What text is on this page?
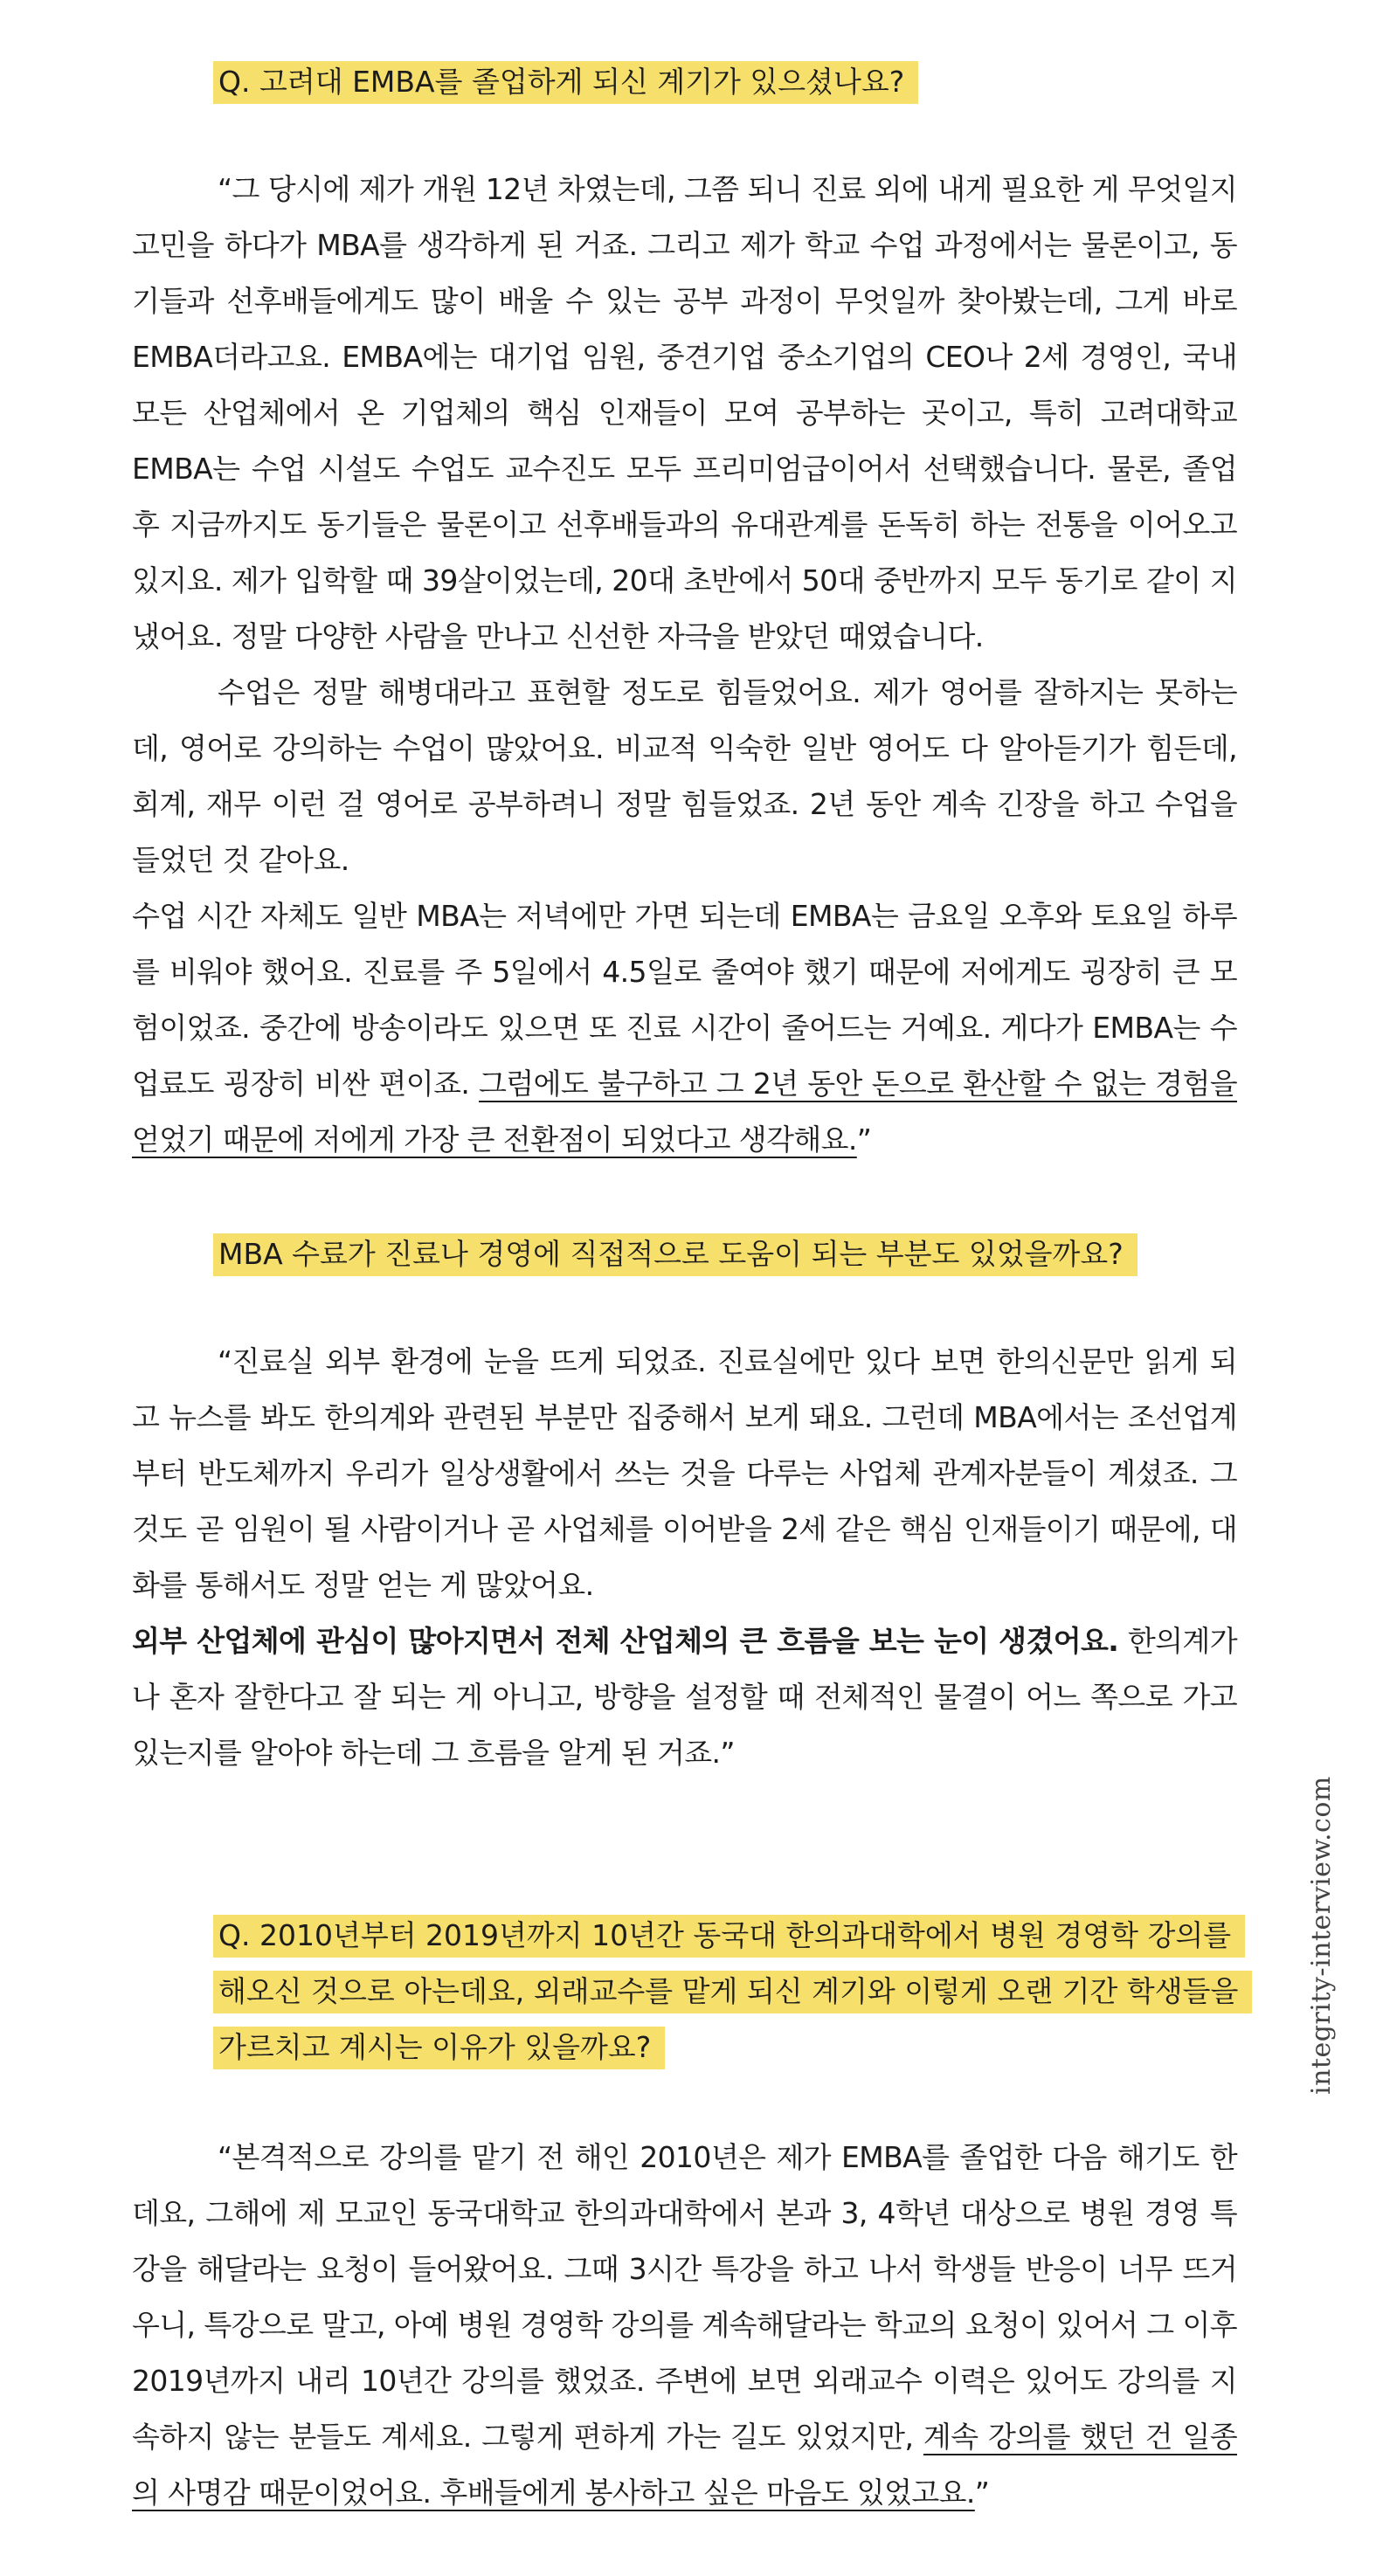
Q. 고려대 EMBA를 졸업하게 되신 계기가 있으셨나요?

“그 당시에 제가 개원 12년 차였는데, 그쯤 되니 진료 외에 내게 필요한 게 무엇일지 고민을 하다가 MBA를 생각하게 된 거죠. 그리고 제가 학교 수업 과정에서는 물론이고, 동기들과 선후배들에게도 많이 배울 수 있는 공부 과정이 무엇일까 찾아봤는데, 그게 바로 EMBA더라고요. EMBA에는 대기업 임원, 중견기업 중소기업의 CEO나 2세 경영인, 국내 모든 산업체에서 온 기업체의 핵심 인재들이 모여 공부하는 곳이고, 특히 고려대학교 EMBA는 수업 시설도 수업도 교수진도 모두 프리미엄급이어서 선택했습니다. 물론, 졸업 후 지금까지도 동기들은 물론이고 선후배들과의 유대관계를 돈독히 하는 전통을 이어오고 있지요. 제가 입학할 때 39살이었는데, 20대 초반에서 50대 중반까지 모두 동기로 같이 지냈어요. 정말 다양한 사람을 만나고 신선한 자극을 받았던 때였습니다.

수업은 정말 해병대라고 표현할 정도로 힘들었어요. 제가 영어를 잘하지는 못하는데, 영어로 강의하는 수업이 많았어요. 비교적 익숙한 일반 영어도 다 알아듣기가 힘든데, 회계, 재무 이런 걸 영어로 공부하려니 정말 힘들었죠. 2년 동안 계속 긴장을 하고 수업을 들었던 것 같아요.

수업 시간 자체도 일반 MBA는 저녁에만 가면 되는데 EMBA는 금요일 오후와 토요일 하루를 비워야 했어요. 진료를 주 5일에서 4.5일로 줄여야 했기 때문에 저에게도 굉장히 큰 모험이었죠. 중간에 방송이라도 있으면 또 진료 시간이 줄어드는 거예요. 게다가 EMBA는 수업료도 굉장히 비싼 편이죠. 그럼에도 불구하고 그 2년 동안 돈으로 환산할 수 없는 경험을 얻었기 때문에 저에게 가장 큰 전환점이 되었다고 생각해요.”

MBA 수료가 진료나 경영에 직접적으로 도움이 되는 부분도 있었을까요?

“진료실 외부 환경에 눈을 뜨게 되었죠. 진료실에만 있다 보면 한의신문만 읽게 되고 뉴스를 봐도 한의계와 관련된 부분만 집중해서 보게 돼요. 그런데 MBA에서는 조선업계부터 반도체까지 우리가 일상생활에서 쓰는 것을 다루는 사업체 관계자분들이 계셨죠. 그것도 곧 임원이 될 사람이거나 곧 사업체를 이어받을 2세 같은 핵심 인재들이기 때문에, 대화를 통해서도 정말 얻는 게 많았어요.

외부 산업체에 관심이 많아지면서 전체 산업체의 큰 흐름을 보는 눈이 생겼어요. 한의계가 나 혼자 잘한다고 잘 되는 게 아니고, 방향을 설정할 때 전체적인 물결이 어느 쪽으로 가고 있는지를 알아야 하는데 그 흐름을 알게 된 거죠.”

Q. 2010년부터 2019년까지 10년간 동국대 한의과대학에서 병원 경영학 강의를 해오신 것으로 아는데요, 외래교수를 맡게 되신 계기와 이렇게 오랜 기간 학생들을 가르치고 계시는 이유가 있을까요?

“본격적으로 강의를 맡기 전 해인 2010년은 제가 EMBA를 졸업한 다음 해기도 한데요, 그해에 제 모교인 동국대학교 한의과대학에서 본과 3, 4학년 대상으로 병원 경영 특강을 해달라는 요청이 들어왔어요. 그때 3시간 특강을 하고 나서 학생들 반응이 너무 뜨거우니, 특강으로 말고, 아예 병원 경영학 강의를 계속해달라는 학교의 요청이 있어서 그 이후 2019년까지 내리 10년간 강의를 했었죠. 주변에 보면 외래교수 이력은 있어도 강의를 지속하지 않는 분들도 계세요. 그렇게 편하게 가는 길도 있었지만, 계속 강의를 했던 건 일종의 사명감 때문이었어요. 후배들에게 봉사하고 싶은 마음도 있었고요.”

integrity-interview.com
